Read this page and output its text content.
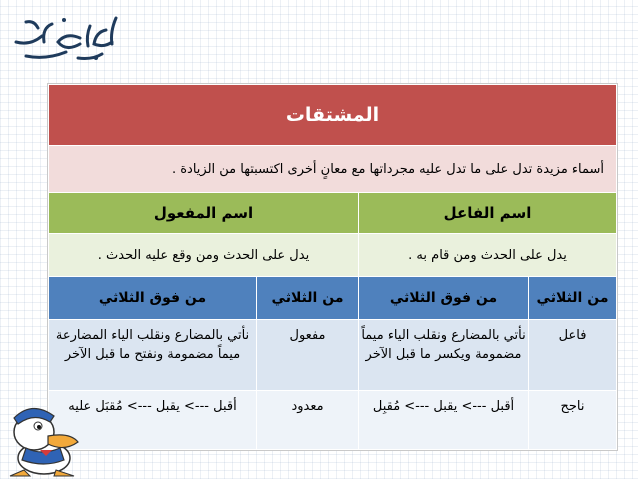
المشتقات			
أسماء مزيدة تدل على ما تدل عليه مجرداتها مع معانٍ أخرى اكتسبتها من الزيادة .			
اسم الفاعل		اسم المفعول	
يدل على الحدث ومن قام به .		يدل على الحدث ومن وقع عليه الحدث .	
من الثلاثي	من فوق الثلاثي	من الثلاثي	من فوق الثلاثي
فاعل	نأتي بالمضارع ونقلب الياء ميماً مضمومة ويكسر ما قبل الآخر	مفعول	نأتي بالمضارع ونقلب الياء المضارعة ميماً مضمومة ونفتح ما قبل الآخر
ناجح	أقبل ---> يقبل ---> مُقبِل	معدود	أقبل ---> يقبل ---> مُقبَل عليه
